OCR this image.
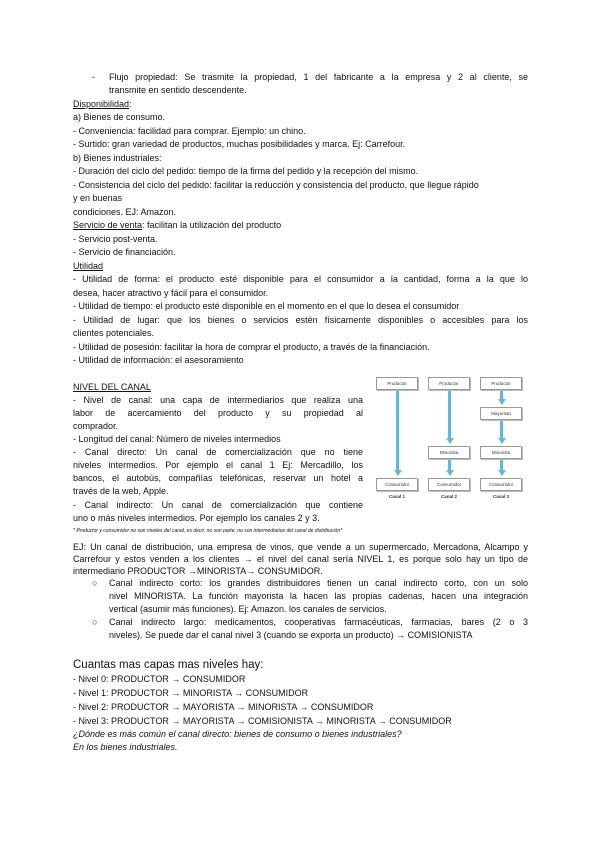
- Flujo propiedad: Se trasmite la propiedad, 1 del fabricante a la empresa y 2 al cliente, se
transmite en sentido descendente.
Disponibilidad:
a) Bienes de consumo.
- Conveniencia: facilidad para comprar. Ejemplo: un chino.
- Surtido: gran variedad de productos, muchas posibilidades y marca. Ej: Carrefour.
b) Bienes industriales:
- Duración del ciclo del pedido: tiempo de la firma del pedido y la recepción del mismo.
- Consistencia del ciclo del pedido: facilitar la reducción y consistencia del producto, que llegue rápido
y en buenas
condiciones. EJ: Amazon.
Servicio de venta: facilitan la utilización del producto
- Servicio post-venta.
- Servicio de financiación.
Utilidad
- Utilidad de forma: el producto esté disponible para el consumidor a la cantidad, forma a la que lo
desea, hacer atractivo y fácil para el consumidor.
- Utilidad de tiempo: el producto esté disponible en el momento en el que lo desea el consumidor
- Utilidad de lugar: que los bienes o servicios estén físicamente disponibles o accesibles para los
clientes potenciales.
- Utilidad de posesión: facilitar la hora de comprar el producto, a través de la financiación.
- Utilidad de información: el asesoramiento
NIVEL DEL CANAL
- Nivel de canal: una capa de intermediarios que realiza una
labor de acercamiento del producto y su propiedad al
comprador.
- Longitud del canal: Número de niveles intermedios
- Canal directo: Un canal de comercialización que no tiene
niveles intermedios. Por ejemplo el canal 1 Ej: Mercadillo, los
bancos, el autobús, compañías telefónicas, reservar un hotel a
través de la web, Apple.
- Canal indirecto: Un canal de comercialización que contiene
uno o más niveles intermedios. Por ejemplo los canales 2 y 3.
* Productor y consumidor no son niveles del canal, es decir, no son parte, no son intermediarios del canal de distribución*
Productor	Productor	Productor
Mayorista
Minorista	Minorista
Consumidor	Consumidor	Consumidor
Canal 1	Canal 2	Canal 3
EJ: Un canal de distribución, una empresa de vinos, que vende a un supermercado, Mercadona, Alcampo y
Carrefour y estos venden a los clientes → el nivel del canal sería NIVEL 1, es porque solo hay un tipo de
intermediario PRODUCTOR →MINORISTA→ CONSUMIDOR.
○ Canal indirecto corto: los grandes distribuidores tienen un canal indirecto corto, con un solo
nivel MINORISTA. La función mayorista la hacen las propias cadenas, hacen una integración
vertical (asumir más funciones). Ej: Amazon. los canales de servicios.
○ Canal indirecto largo: medicamentos, cooperativas farmacéuticas, farmacias, bares (2 o 3
niveles). Se puede dar el canal nivel 3 (cuando se exporta un producto) → COMISIONISTA
Cuantas mas capas mas niveles hay:
- Nivel 0: PRODUCTOR → CONSUMIDOR
- Nivel 1: PRODUCTOR → MINORISTA → CONSUMIDOR
- Nivel 2: PRODUCTOR → MAYORISTA → MINORISTA → CONSUMIDOR
- Nivel 3: PRODUCTOR → MAYORISTA → COMISIONISTA → MINORISTA → CONSUMIDOR
¿Dónde es más común el canal directo: bienes de consumo o bienes industriales?
En los bienes industriales.
